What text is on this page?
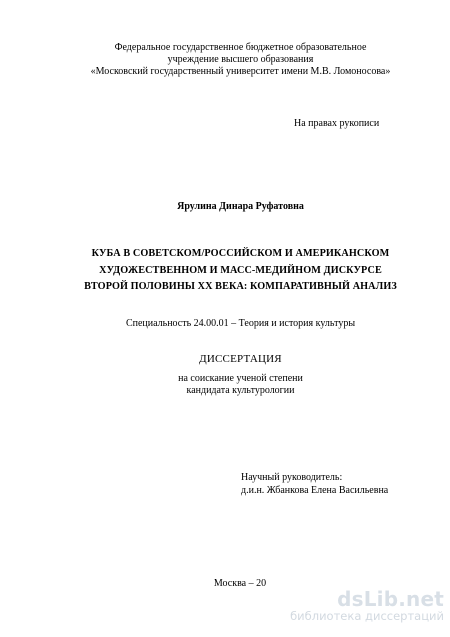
Федеральное государственное бюджетное образовательное
учреждение высшего образования
«Московский государственный университет имени М.В. Ломоносова»
На правах рукописи
Ярулина Динара Руфатовна
КУБА В СОВЕТСКОМ/РОССИЙСКОМ И АМЕРИКАНСКОМ
ХУДОЖЕСТВЕННОМ И МАСС-МЕДИЙНОМ ДИСКУРСЕ
ВТОРОЙ ПОЛОВИНЫ ХХ ВЕКА: КОМПАРАТИВНЫЙ АНАЛИЗ
Специальность 24.00.01 – Теория и история культуры
ДИССЕРТАЦИЯ
на соискание ученой степени
кандидата культурологии
Научный руководитель:
д.и.н. Жбанкова Елена Васильевна
Москва – 20
dsLib.net
библиотека диссертаций
